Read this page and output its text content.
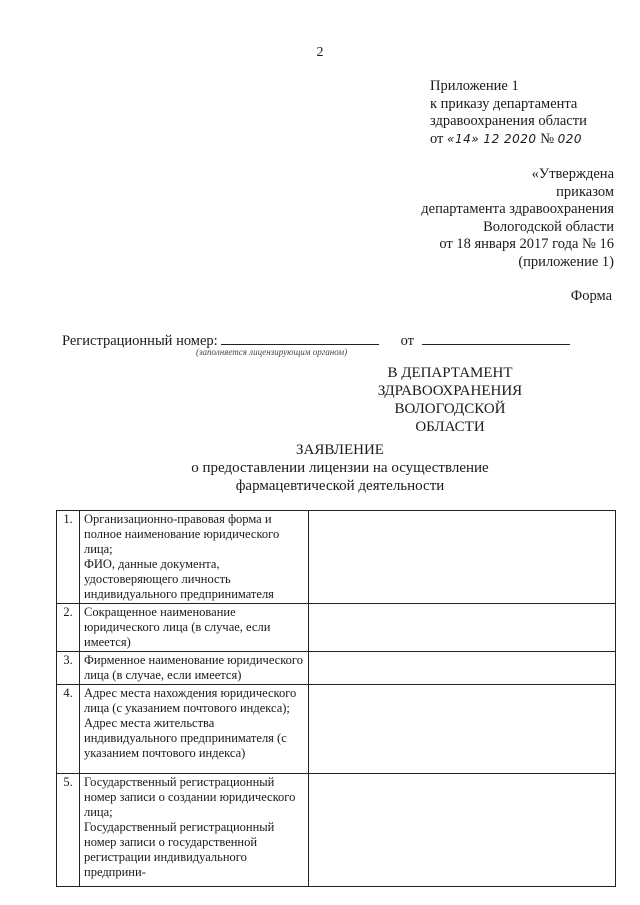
2
Приложение 1
к приказу департамента
здравоохранения области
от «14» 12 2020 № 020
«Утверждена
приказом
департамента здравоохранения
Вологодской области
от 18 января 2017 года № 16
(приложение 1)
Форма
Регистрационный номер:	от
(заполняется лицензирующим органом)
В ДЕПАРТАМЕНТ
ЗДРАВООХРАНЕНИЯ
ВОЛОГОДСКОЙ
ОБЛАСТИ
ЗАЯВЛЕНИЕ
о предоставлении лицензии на осуществление
фармацевтической деятельности
1.	Организационно-правовая форма и полное наименование юридического лица;

ФИО, данные документа, удостоверяющего личность индивидуального предпринимателя	

2.	Сокращенное наименование юридического лица (в случае, если имеется)	

3.	Фирменное наименование юридического лица (в случае, если имеется)	

4.	Адрес места нахождения юридического лица (с указанием почтового индекса);

Адрес места жительства индивидуального предпринимателя (с указанием почтового индекса)	

5.	Государственный регистрационный номер записи о создании юридического лица;

Государственный регистрационный номер записи о государственной регистрации индивидуального предприни-	
